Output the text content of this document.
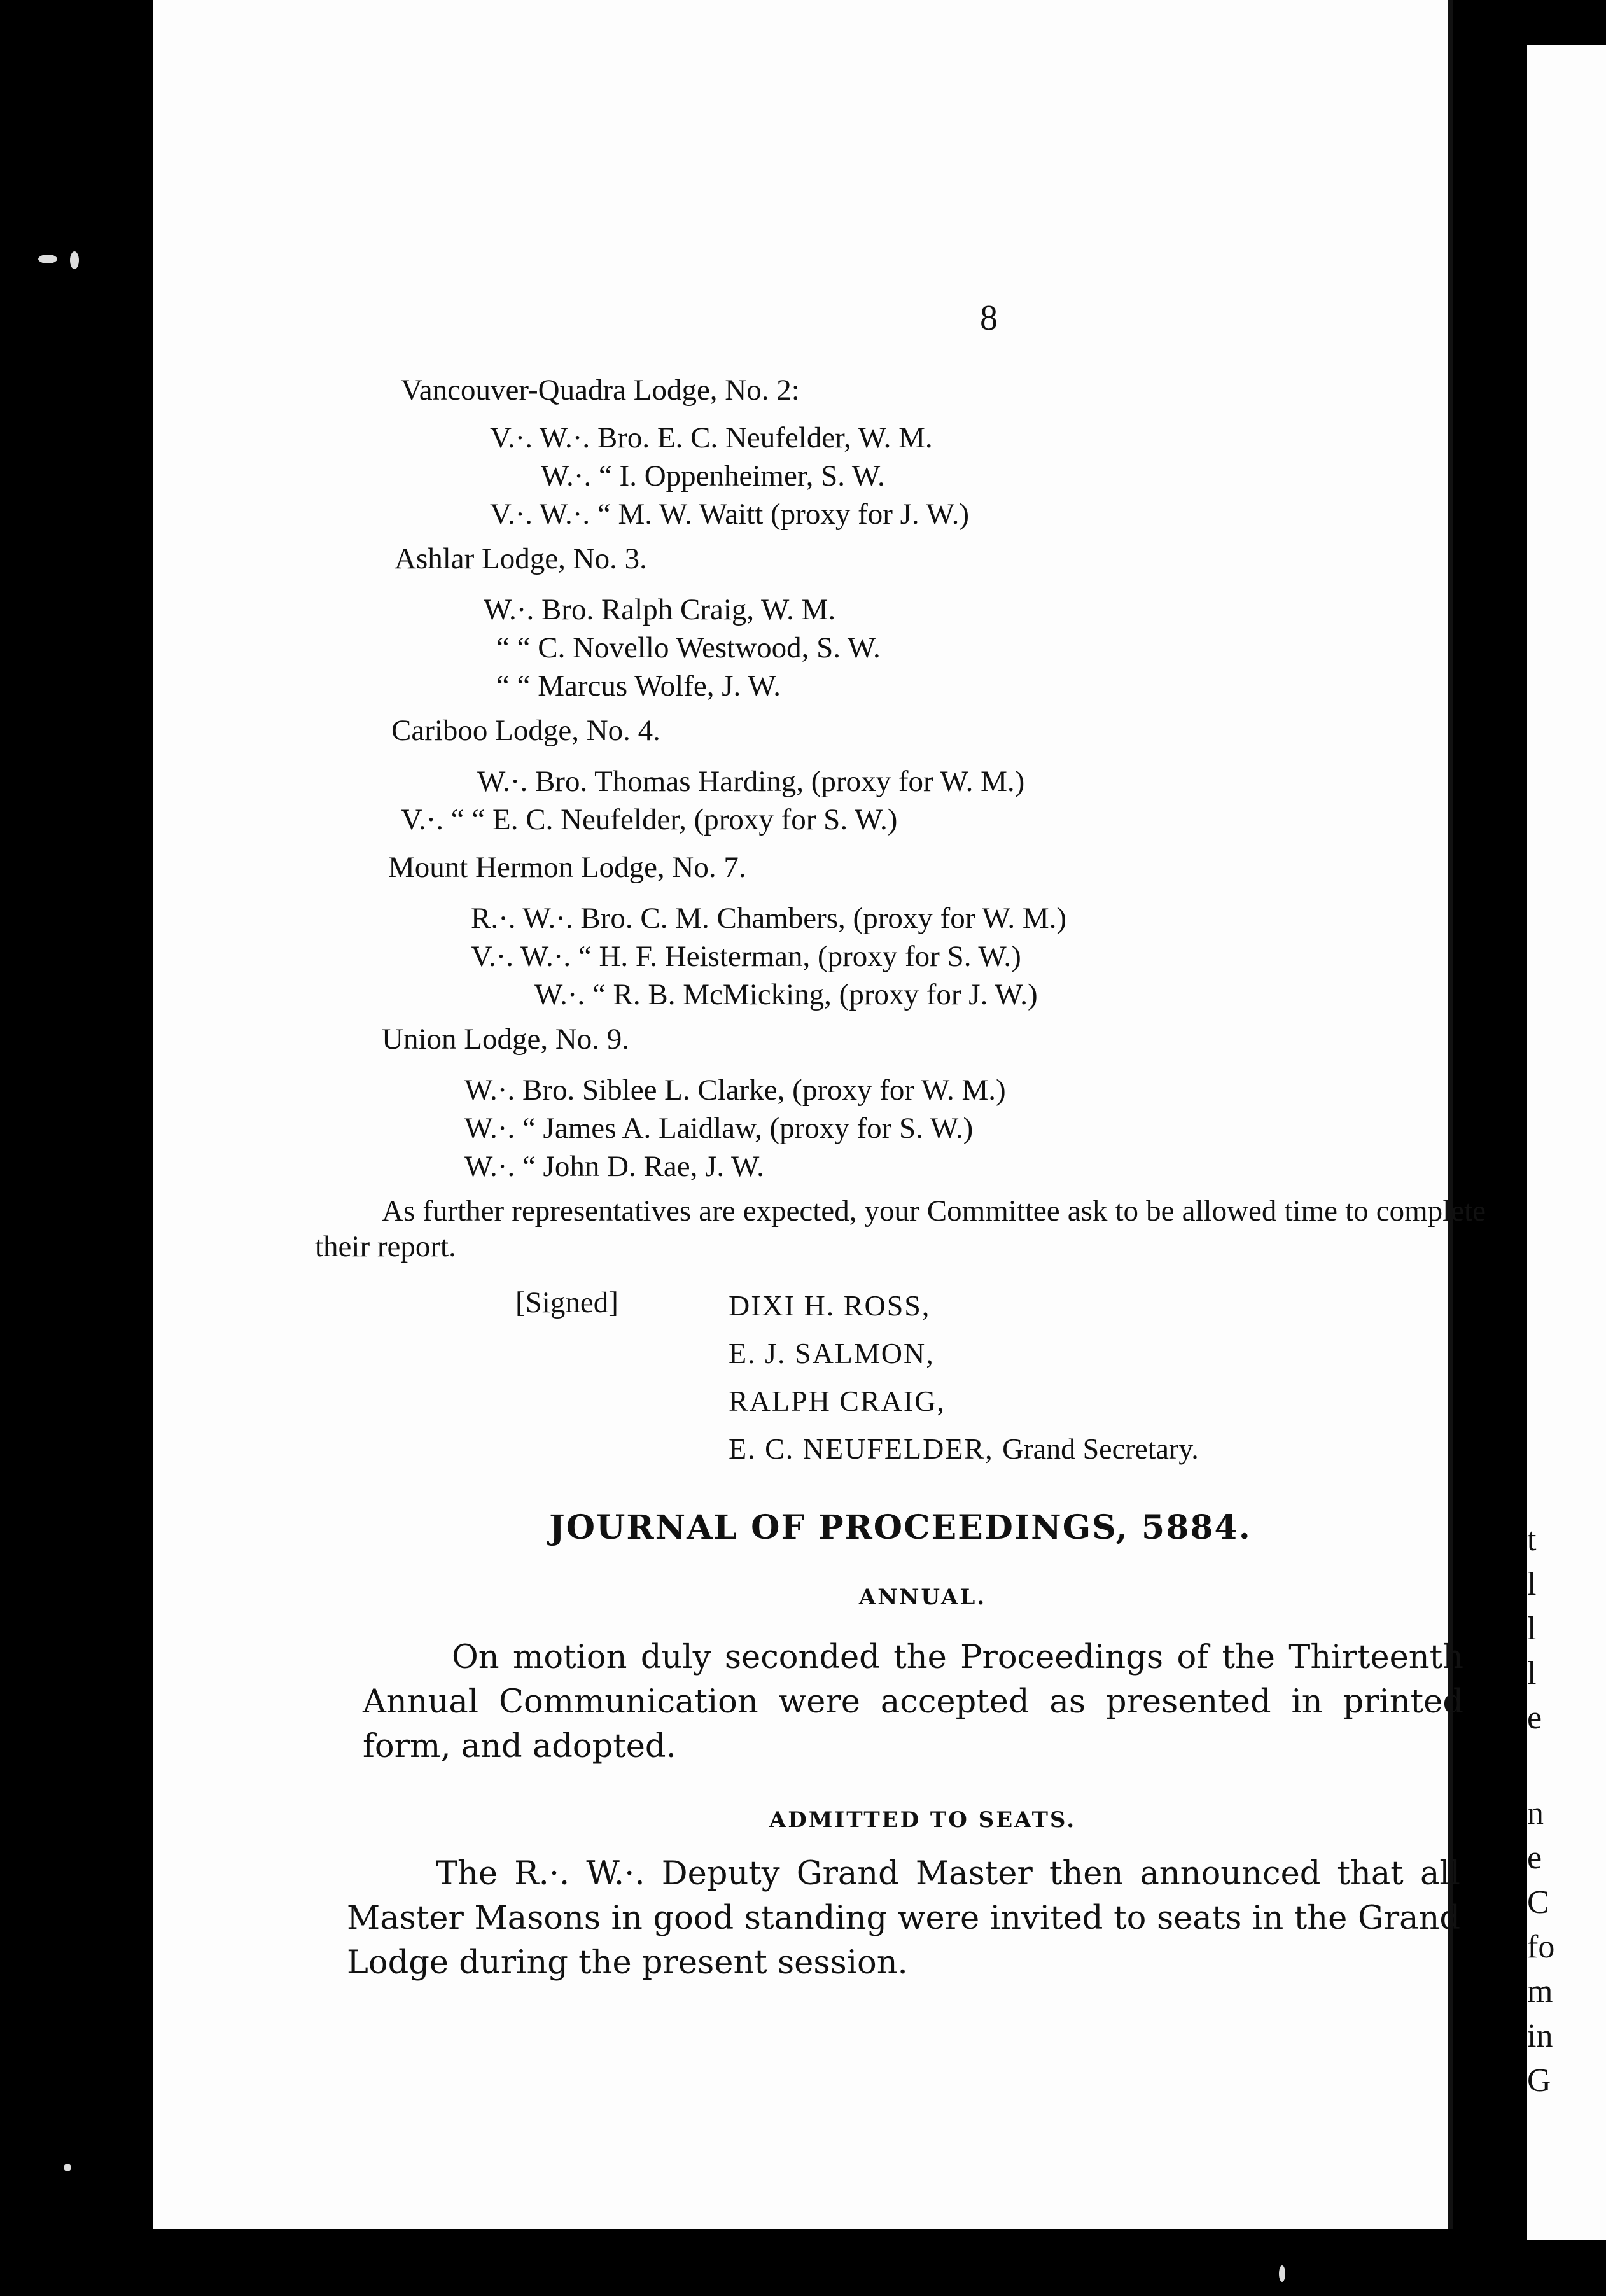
8
Vancouver-Quadra Lodge, No. 2:
V.·. W.·. Bro. E. C. Neufelder, W. M.
W.·. “ I. Oppenheimer, S. W.
V.·. W.·. “ M. W. Waitt (proxy for J. W.)
Ashlar Lodge, No. 3.
W.·. Bro. Ralph Craig, W. M.
“ “ C. Novello Westwood, S. W.
“ “ Marcus Wolfe, J. W.
Cariboo Lodge, No. 4.
W.·. Bro. Thomas Harding, (proxy for W. M.)
V.·. “ “ E. C. Neufelder, (proxy for S. W.)
Mount Hermon Lodge, No. 7.
R.·. W.·. Bro. C. M. Chambers, (proxy for W. M.)
V.·. W.·. “ H. F. Heisterman, (proxy for S. W.)
W.·. “ R. B. McMicking, (proxy for J. W.)
Union Lodge, No. 9.
W.·. Bro. Siblee L. Clarke, (proxy for W. M.)
W.·. “ James A. Laidlaw, (proxy for S. W.)
W.·. “ John D. Rae, J. W.
As further representatives are expected, your Committee ask to be allowed time to complete their report.
[Signed]	DIXI H. ROSS,
E. J. SALMON,
RALPH CRAIG,
E. C. NEUFELDER, Grand Secretary.
JOURNAL OF PROCEEDINGS, 5884.
ANNUAL.
On motion duly seconded the Proceedings of the Thirteenth Annual Communication were accepted as presented in printed form, and adopted.
ADMITTED TO SEATS.
The R.·. W.·. Deputy Grand Master then announced that all Master Masons in good standing were invited to seats in the Grand Lodge during the present session.
t
l
l
l
e
n
e
C
fo
m
in
G
